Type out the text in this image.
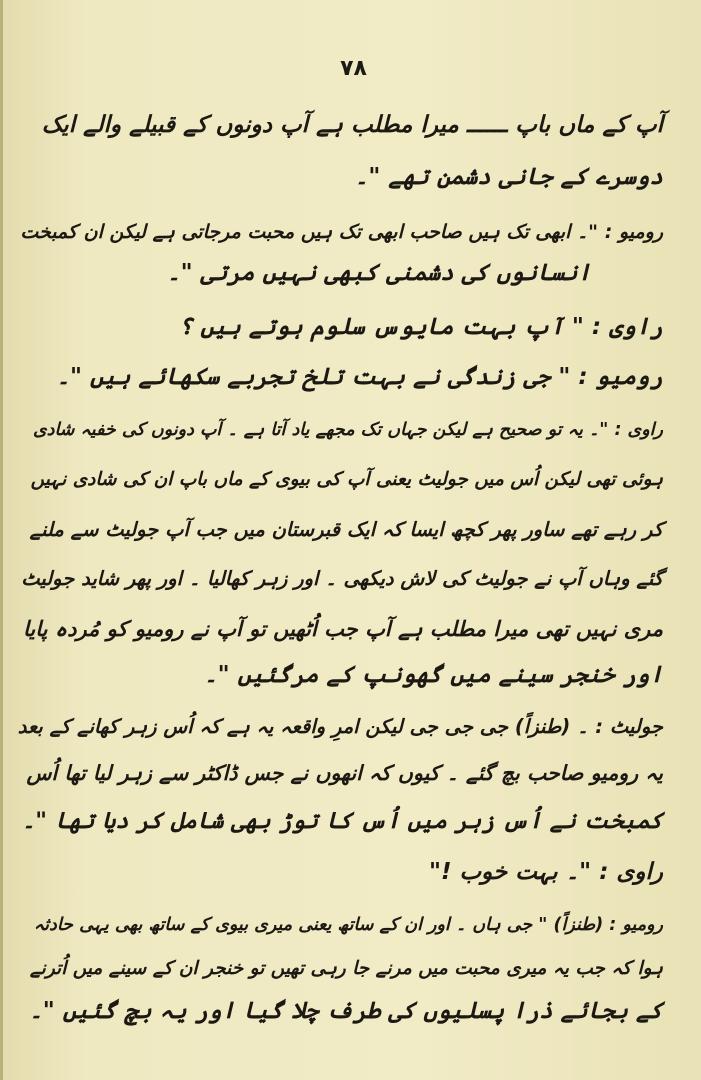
۷۸
آپ کے ماں باپ ــــــ میرا مطلب ہے آپ دونوں کے قبیلے والے ایک
دوسرے کے جانی دشمن تھے "۔
رومیو : "۔ ابھی تک ہیں صاحب ابھی تک ہیں محبت مرجاتی ہے لیکن ان کمبخت
انسانوں کی دشمنی کبھی نہیں مرتی "۔
راوی : " آپ بہت مایوس سلوم ہوتے ہیں ؟
رومیو : " جی زندگی نے بہت تلخ تجربے سکھائے ہیں "۔
راوی : "۔ یہ تو صحیح ہے لیکن جہاں تک مجھے یاد آتا ہے ۔ آپ دونوں کی خفیہ شادی
ہوئی تھی لیکن اُس میں جولیٹ یعنی آپ کی بیوی کے ماں باپ ان کی شادی نہیں
کر رہے تھے ساور پھر کچھ ایسا کہ ایک قبرستان میں جب آپ جولیٹ سے ملنے
گئے وہاں آپ نے جولیٹ کی لاش دیکھی ۔ اور زہر کھالیا ۔ اور پھر شاید جولیٹ
مری نہیں تھی میرا مطلب ہے آپ جب اُٹھیں تو آپ نے رومیو کو مُردہ پایا
اور خنجر سینے میں گھونپ کے مرگئیں "۔
جولیٹ : ۔ (طنزاً) جی جی جی لیکن امرِ واقعہ یہ ہے کہ اُس زہر کھانے کے بعد
یہ رومیو صاحب بچ گئے ۔ کیوں کہ انھوں نے جس ڈاکٹر سے زہر لیا تھا اُس
کمبخت نے اُس زہر میں اُس کا توڑ بھی شامل کر دیا تھا "۔
راوی : "۔ بہت خوب !"
رومیو : (طنزاً) " جی ہاں ۔ اور ان کے ساتھ یعنی میری بیوی کے ساتھ بھی یہی حادثہ
ہوا کہ جب یہ میری محبت میں مرنے جا رہی تھیں تو خنجر ان کے سینے میں اُترنے
کے بجائے ذرا پسلیوں کی طرف چلا گیا اور یہ بچ گئیں "۔
